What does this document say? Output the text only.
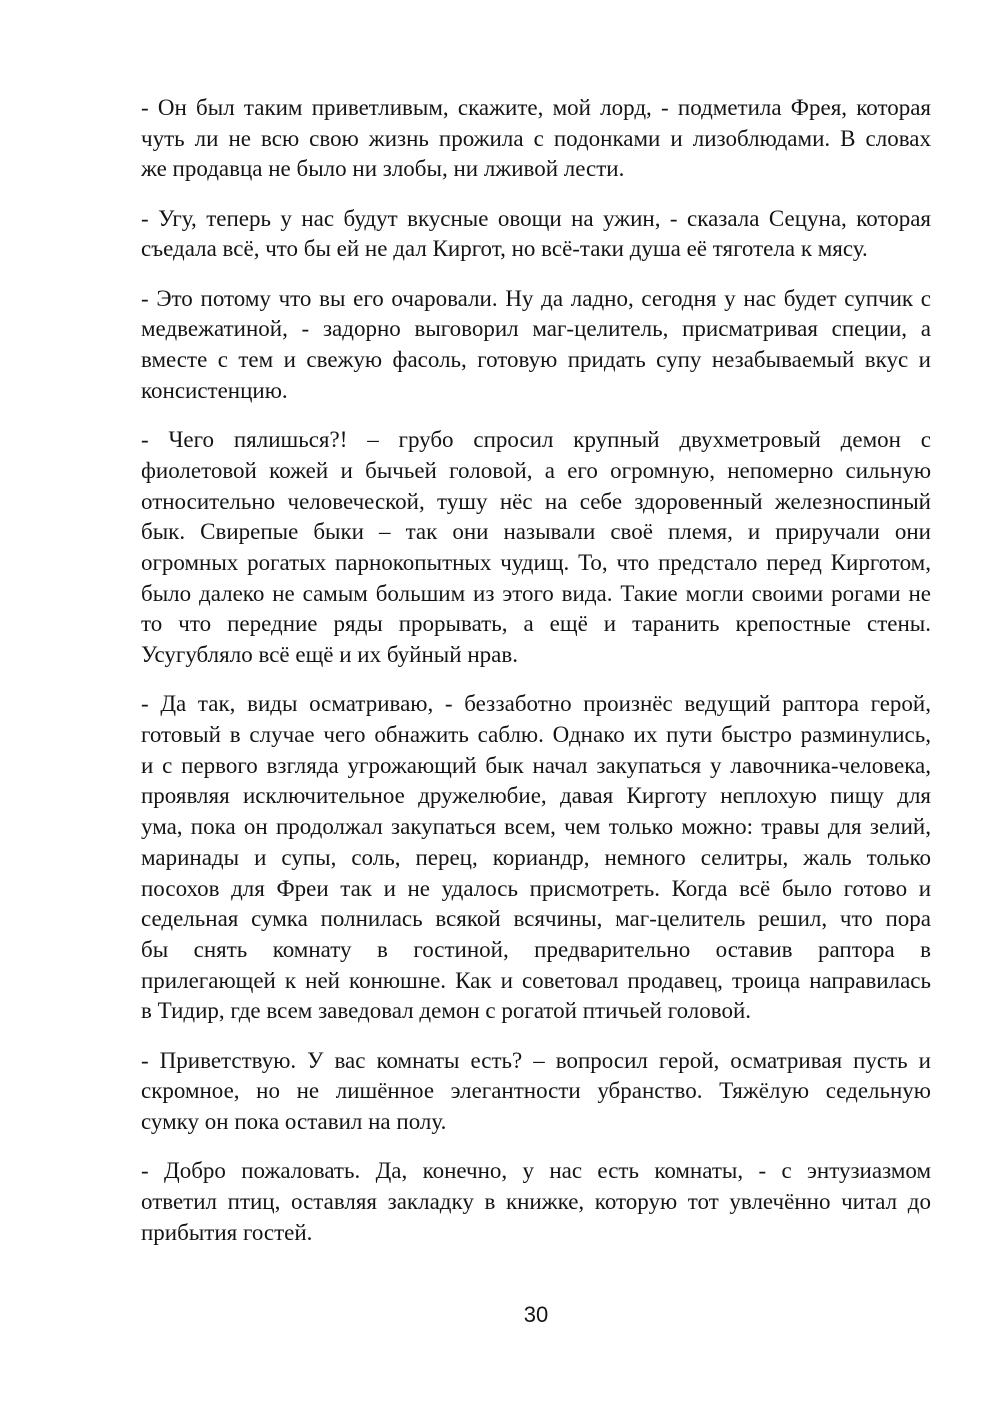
- Он был таким приветливым, скажите, мой лорд, - подметила Фрея, которая
чуть ли не всю свою жизнь прожила с подонками и лизоблюдами. В словах
же продавца не было ни злобы, ни лживой лести.
- Угу, теперь у нас будут вкусные овощи на ужин, - сказала Сецуна, которая
съедала всё, что бы ей не дал Киргот, но всё-таки душа её тяготела к мясу.
- Это потому что вы его очаровали. Ну да ладно, сегодня у нас будет супчик с
медвежатиной, - задорно выговорил маг-целитель, присматривая специи, а
вместе с тем и свежую фасоль, готовую придать супу незабываемый вкус и
консистенцию.
- Чего пялишься?! – грубо спросил крупный двухметровый демон с
фиолетовой кожей и бычьей головой, а его огромную, непомерно сильную
относительно человеческой, тушу нёс на себе здоровенный железноспиный
бык. Свирепые быки – так они называли своё племя, и приручали они
огромных рогатых парнокопытных чудищ. То, что предстало перед Кирготом,
было далеко не самым большим из этого вида. Такие могли своими рогами не
то что передние ряды прорывать, а ещё и таранить крепостные стены.
Усугубляло всё ещё и их буйный нрав.
- Да так, виды осматриваю, - беззаботно произнёс ведущий раптора герой,
готовый в случае чего обнажить саблю. Однако их пути быстро разминулись,
и с первого взгляда угрожающий бык начал закупаться у лавочника-человека,
проявляя исключительное дружелюбие, давая Кирготу неплохую пищу для
ума, пока он продолжал закупаться всем, чем только можно: травы для зелий,
маринады и супы, соль, перец, кориандр, немного селитры, жаль только
посохов для Фреи так и не удалось присмотреть. Когда всё было готово и
седельная сумка полнилась всякой всячины, маг-целитель решил, что пора
бы снять комнату в гостиной, предварительно оставив раптора в
прилегающей к ней конюшне. Как и советовал продавец, троица направилась
в Тидир, где всем заведовал демон с рогатой птичьей головой.
- Приветствую. У вас комнаты есть? – вопросил герой, осматривая пусть и
скромное, но не лишённое элегантности убранство. Тяжёлую седельную
сумку он пока оставил на полу.
- Добро пожаловать. Да, конечно, у нас есть комнаты, - с энтузиазмом
ответил птиц, оставляя закладку в книжке, которую тот увлечённо читал до
прибытия гостей.
30
